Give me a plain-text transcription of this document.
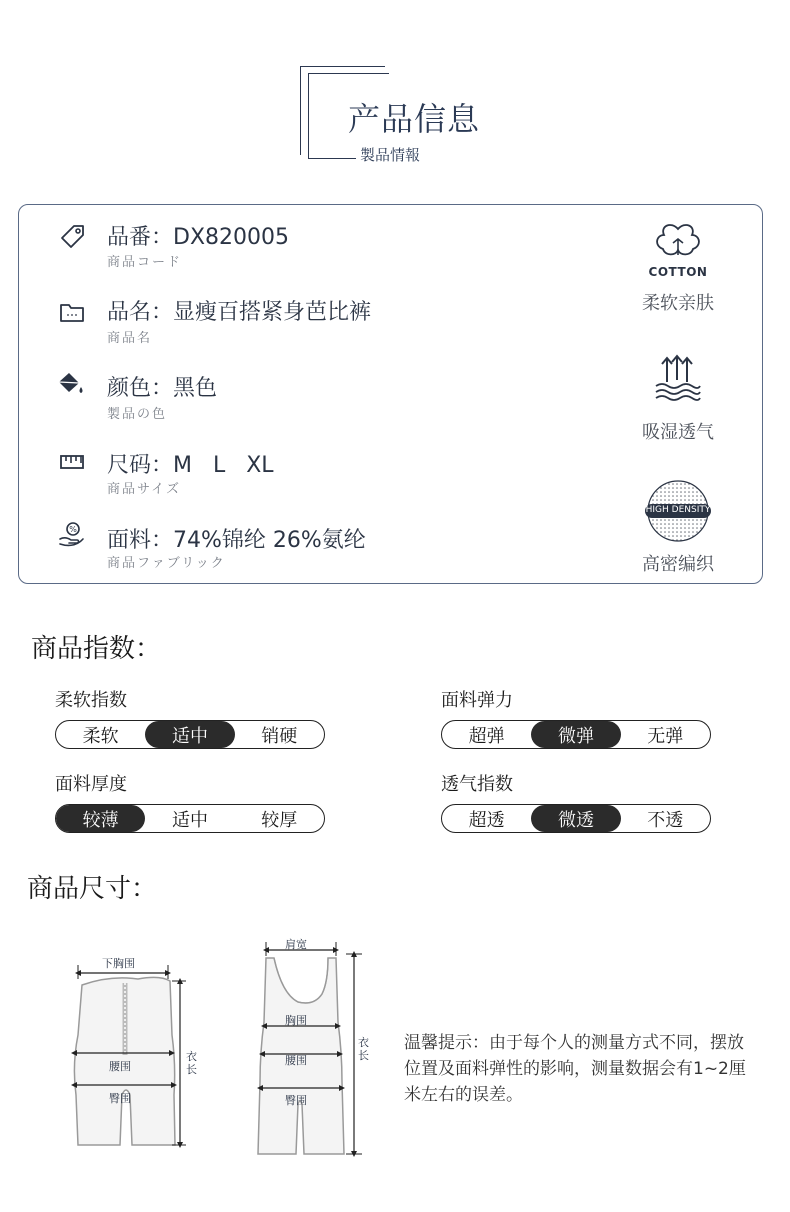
产品信息
製品情報
%
品番：DX820005
商品コード
品名：显瘦百搭紧身芭比裤
商品名
颜色：黑色
製品の色
尺码：M   L   XL
商品サイズ
面料：74%锦纶 26%氨纶
商品ファブリック
COTTON
柔软亲肤
吸湿透气
HIGH DENSITY
高密编织
商品指数：
柔软指数
柔软	适中	销硬
面料弹力
超弹	微弹	无弹
面料厚度
较薄	适中	较厚
透气指数
超透	微透	不透
商品尺寸：
下胸围
腰围
臀围
衣长
肩宽
胸围
腰围
臀围
衣长
温馨提示：由于每个人的测量方式不同，摆放位置及面料弹性的影响，测量数据会有1~2厘米左右的误差。
